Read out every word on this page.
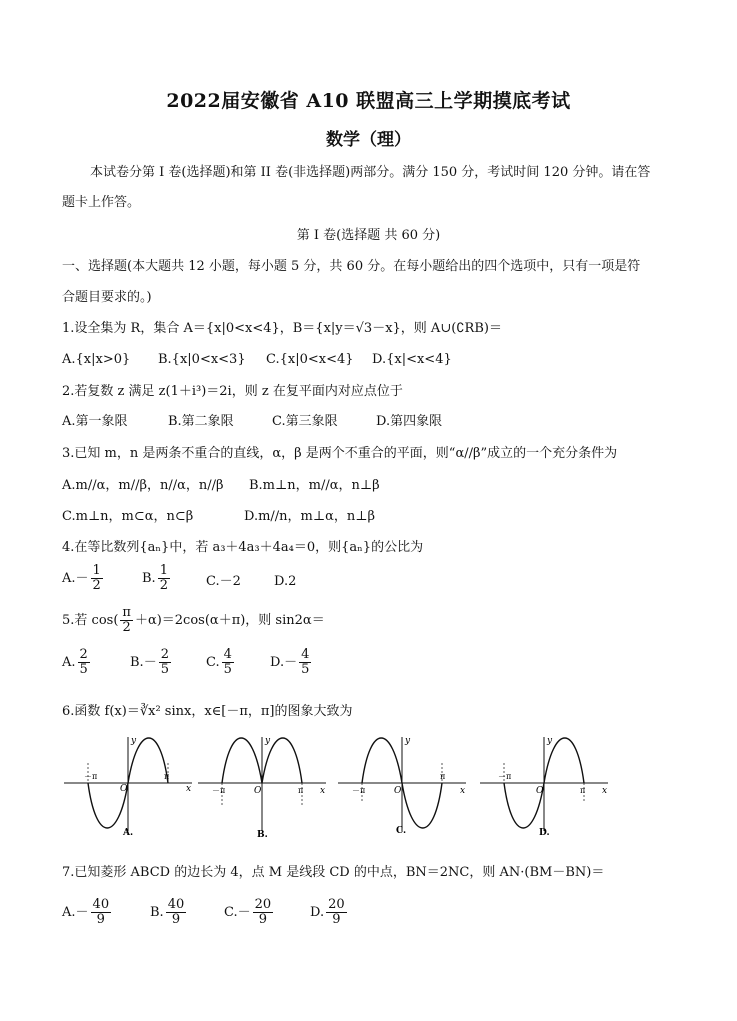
2022届安徽省 A10 联盟高三上学期摸底考试
数学（理）
本试卷分第 I 卷(选择题)和第 II 卷(非选择题)两部分。满分 150 分，考试时间 120 分钟。请在答
题卡上作答。
第 I 卷(选择题 共 60 分)
一、选择题(本大题共 12 小题，每小题 5 分，共 60 分。在每小题给出的四个选项中，只有一项是符
合题目要求的。)
1.设全集为 R，集合 A＝{x|0<x<4}，B＝{x|y＝√3－x}，则 A∪(∁RB)＝
A.{x|x>0} B.{x|0<x<3} C.{x|0<x<4} D.{x|<x<4}
2.若复数 z 满足 z(1＋i³)＝2i，则 z 在复平面内对应点位于
A.第一象限	B.第二象限	C.第三象限	D.第四象限
3.已知 m，n 是两条不重合的直线，α，β 是两个不重合的平面，则“α//β”成立的一个充分条件为
A.m//α，m//β，n//α，n//β B.m⊥n，m//α，n⊥β
C.m⊥n，m⊂α，n⊂β	D.m//n，m⊥α，n⊥β
4.在等比数列{aₙ}中，若 a₃＋4a₃＋4a₄＝0，则{aₙ}的公比为
$A.- \frac{1}{2}$	B. $\frac{1}{2}$	C.－2	D.2
5.若 $\cos( \frac{\pi}{2} +\alpha)=2\cos(\alpha+\pi)$，则 sin2α＝
A. $\frac{2}{5}$	$B.- \frac{2}{5}$	C. $\frac{4}{5}$	$D.- \frac{4}{5}$
6.函数 f(x)＝∛x² sinx，x∈[－π，π]的图象大致为
－π	π
O
y
x
A.
－π	π
O
y
x
B.
－π
π
O
y
x
C.
－π
π
O
y
x
D.
7.已知菱形 ABCD 的边长为 4，点 M 是线段 CD 的中点，BN＝2NC，则 AN·(BM－BN)＝
$A.- \frac{40}{9}$	B. $\frac{40}{9}$	$C.- \frac{20}{9}$	D. $\frac{20}{9}$
